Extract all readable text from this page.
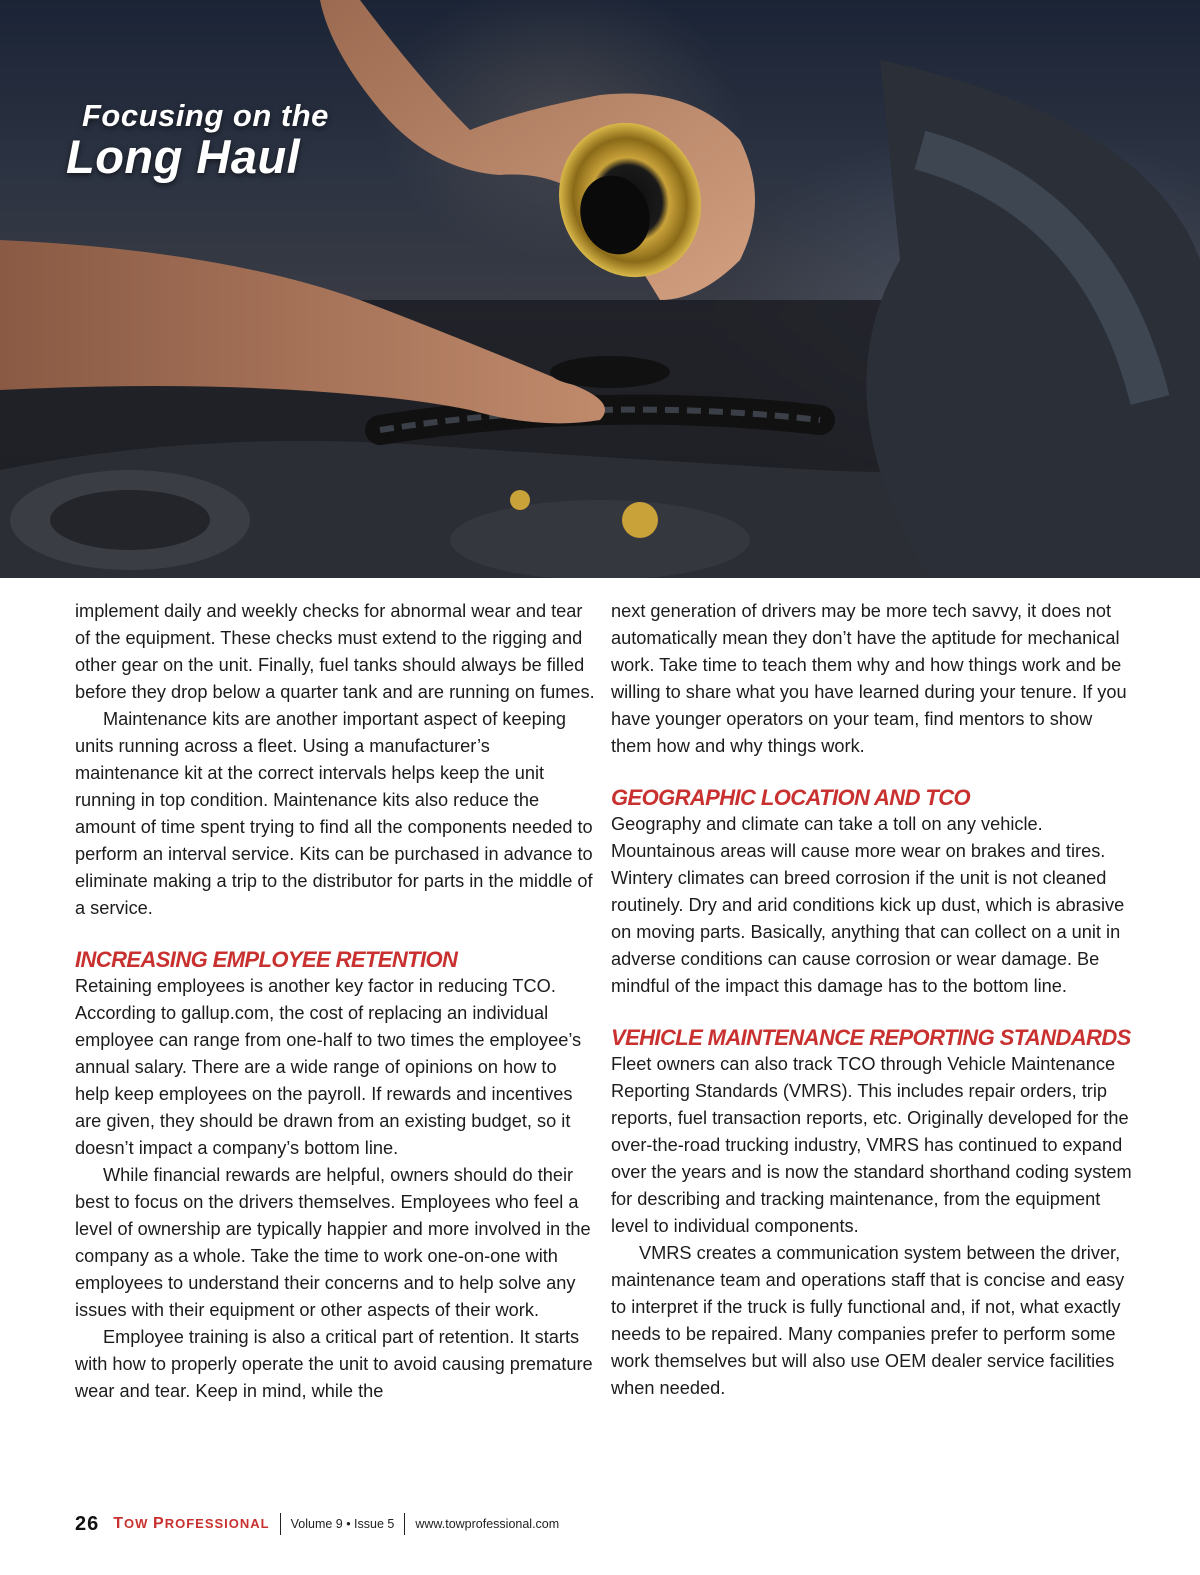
Focusing on the
Long Haul

implement daily and weekly checks for abnormal wear and tear of the equipment. These checks must extend to the rigging and other gear on the unit. Finally, fuel tanks should always be filled before they drop below a quarter tank and are running on fumes.

Maintenance kits are another important aspect of keeping units running across a fleet. Using a manufacturer’s maintenance kit at the correct intervals helps keep the unit running in top condition. Maintenance kits also reduce the amount of time spent trying to find all the components needed to perform an interval service. Kits can be purchased in advance to eliminate making a trip to the distributor for parts in the middle of a service.

INCREASING EMPLOYEE RETENTION

Retaining employees is another key factor in reducing TCO. According to gallup.com, the cost of replacing an individual employee can range from one-half to two times the employee’s annual salary. There are a wide range of opinions on how to help keep employees on the payroll. If rewards and incentives are given, they should be drawn from an existing budget, so it doesn’t impact a company’s bottom line.

While financial rewards are helpful, owners should do their best to focus on the drivers themselves. Employees who feel a level of ownership are typically happier and more involved in the company as a whole. Take the time to work one-on-one with employees to understand their concerns and to help solve any issues with their equipment or other aspects of their work.

Employee training is also a critical part of retention. It starts with how to properly operate the unit to avoid causing premature wear and tear. Keep in mind, while the

next generation of drivers may be more tech savvy, it does not automatically mean they don’t have the aptitude for mechanical work. Take time to teach them why and how things work and be willing to share what you have learned during your tenure. If you have younger operators on your team, find mentors to show them how and why things work.

GEOGRAPHIC LOCATION AND TCO

Geography and climate can take a toll on any vehicle. Mountainous areas will cause more wear on brakes and tires. Wintery climates can breed corrosion if the unit is not cleaned routinely. Dry and arid conditions kick up dust, which is abrasive on moving parts. Basically, anything that can collect on a unit in adverse conditions can cause corrosion or wear damage. Be mindful of the impact this damage has to the bottom line.

VEHICLE MAINTENANCE REPORTING STANDARDS

Fleet owners can also track TCO through Vehicle Maintenance Reporting Standards (VMRS). This includes repair orders, trip reports, fuel transaction reports, etc. Originally developed for the over-the-road trucking industry, VMRS has continued to expand over the years and is now the standard shorthand coding system for describing and tracking maintenance, from the equipment level to individual components.

VMRS creates a communication system between the driver, maintenance team and operations staff that is concise and easy to interpret if the truck is fully functional and, if not, what exactly needs to be repaired. Many companies prefer to perform some work themselves but will also use OEM dealer service facilities when needed.

26 TOW PROFESSIONAL Volume 9 • Issue 5 www.towprofessional.com
